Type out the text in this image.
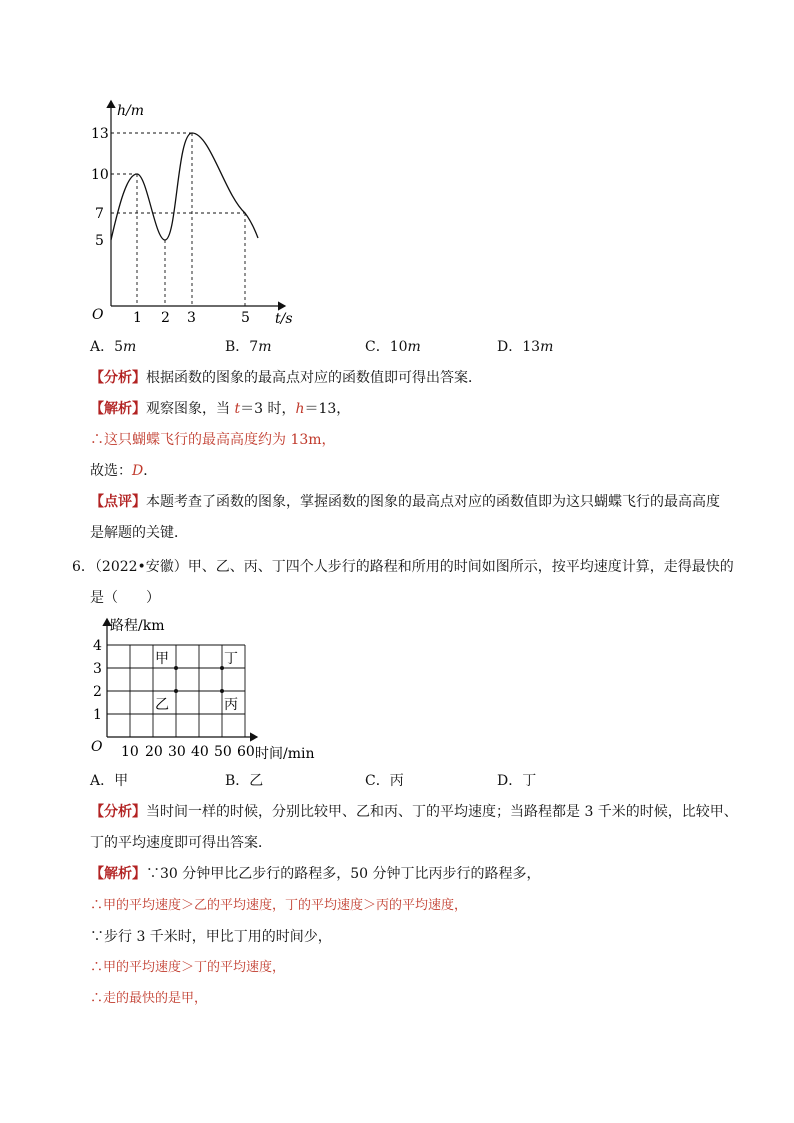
h/m
t/s
O
13
10
7
5
1 2 3	5
A．5m	B．7m	C．10m	D．13m
【分析】根据函数的图象的最高点对应的函数值即可得出答案．
【解析】观察图象，当 t＝3 时，h＝13，
∴这只蝴蝶飞行的最高高度约为 13m，
故选：D．
【点评】本题考查了函数的图象，掌握函数的图象的最高点对应的函数值即为这只蝴蝶飞行的最高高度
是解题的关键．
6．（2022•安徽）甲、乙、丙、丁四个人步行的路程和所用的时间如图所示，按平均速度计算，走得最快的
是（　　）
甲
乙	丙
丁
路程/km
时间/min
O
4
3
2
1
10 20 30 40 50 60
A．甲	B．乙	C．丙	D．丁
【分析】当时间一样的时候，分别比较甲、乙和丙、丁的平均速度；当路程都是 3 千米的时候，比较甲、
丁的平均速度即可得出答案．
【解析】∵30 分钟甲比乙步行的路程多，50 分钟丁比丙步行的路程多，
∴甲的平均速度＞乙的平均速度，丁的平均速度＞丙的平均速度，
∵步行 3 千米时，甲比丁用的时间少，
∴甲的平均速度＞丁的平均速度，
∴走的最快的是甲，
